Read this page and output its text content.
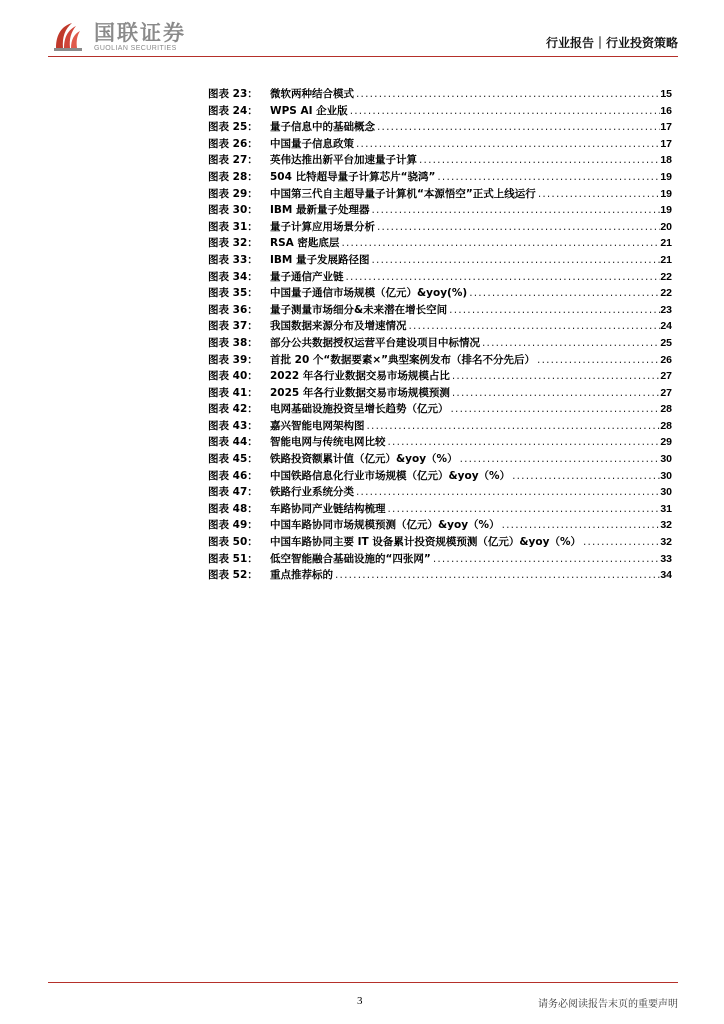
国联证券
GUOLIAN SECURITIES	行业报告｜行业投资策略
图表 23：	微软两种结合模式 .....	15
图表 24：	WPS AI 企业版 .....	16
图表 25：	量子信息中的基础概念 .....	17
图表 26：	中国量子信息政策 .....	17
图表 27：	英伟达推出新平台加速量子计算 .....	18
图表 28：	504 比特超导量子计算芯片“骁鸿” .....	19
图表 29：	中国第三代自主超导量子计算机“本源悟空”正式上线运行 .....	19
图表 30：	IBM 最新量子处理器 .....	19
图表 31：	量子计算应用场景分析 .....	20
图表 32：	RSA 密匙底层 .....	21
图表 33：	IBM 量子发展路径图 .....	21
图表 34：	量子通信产业链 .....	22
图表 35：	中国量子通信市场规模（亿元）&yoy(%) .....	22
图表 36：	量子测量市场细分&未来潜在增长空间 .....	23
图表 37：	我国数据来源分布及增速情况 .....	24
图表 38：	部分公共数据授权运营平台建设项目中标情况 .....	25
图表 39：	首批 20 个“数据要素×”典型案例发布（排名不分先后） .....	26
图表 40：	2022 年各行业数据交易市场规模占比 .....	27
图表 41：	2025 年各行业数据交易市场规模预测 .....	27
图表 42：	电网基础设施投资呈增长趋势（亿元） .....	28
图表 43：	嘉兴智能电网架构图 .....	28
图表 44：	智能电网与传统电网比较 .....	29
图表 45：	铁路投资额累计值（亿元）&yoy（%） .....	30
图表 46：	中国铁路信息化行业市场规模（亿元）&yoy（%） .....	30
图表 47：	铁路行业系统分类 .....	30
图表 48：	车路协同产业链结构梳理 .....	31
图表 49：	中国车路协同市场规模预测（亿元）&yoy（%） .....	32
图表 50：	中国车路协同主要 IT 设备累计投资规模预测（亿元）&yoy（%） .....	32
图表 51：	低空智能融合基础设施的“四张网” .....	33
图表 52：	重点推荐标的 .....	34
3	请务必阅读报告末页的重要声明
